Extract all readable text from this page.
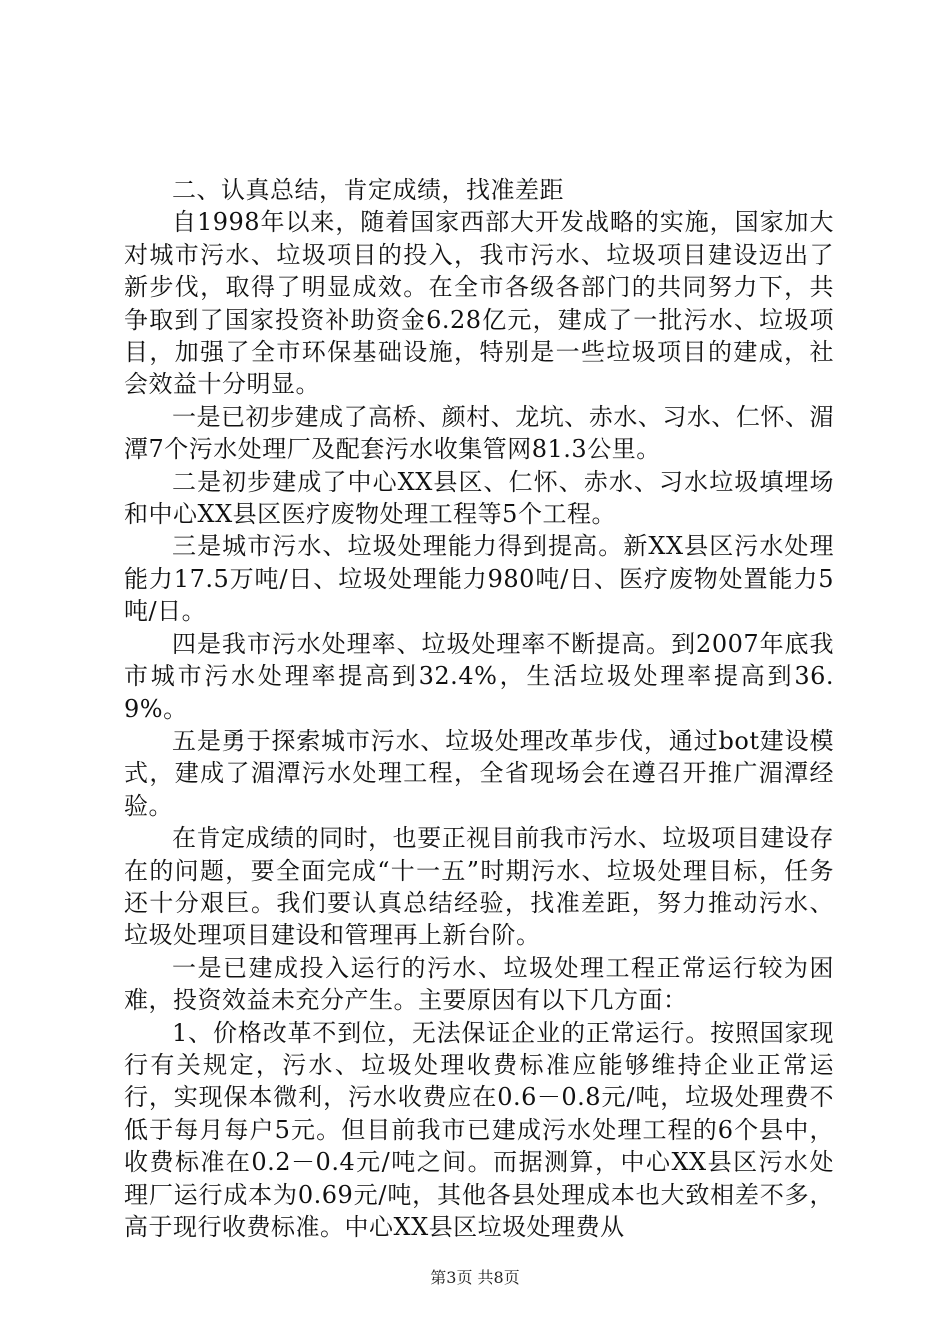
二、认真总结，肯定成绩，找准差距

自1998年以来，随着国家西部大开发战略的实施，国家加大对城市污水、垃圾项目的投入，我市污水、垃圾项目建设迈出了新步伐，取得了明显成效。在全市各级各部门的共同努力下，共争取到了国家投资补助资金6.28亿元，建成了一批污水、垃圾项目，加强了全市环保基础设施，特别是一些垃圾项目的建成，社会效益十分明显。

一是已初步建成了高桥、颜村、龙坑、赤水、习水、仁怀、湄潭7个污水处理厂及配套污水收集管网81.3公里。

二是初步建成了中心XX县区、仁怀、赤水、习水垃圾填埋场和中心XX县区医疗废物处理工程等5个工程。

三是城市污水、垃圾处理能力得到提高。新XX县区污水处理能力17.5万吨/日、垃圾处理能力980吨/日、医疗废物处置能力5吨/日。

四是我市污水处理率、垃圾处理率不断提高。到2007年底我市城市污水处理率提高到32.4%，生活垃圾处理率提高到36.9%。

五是勇于探索城市污水、垃圾处理改革步伐，通过bot建设模式，建成了湄潭污水处理工程，全省现场会在遵召开推广湄潭经验。

在肯定成绩的同时，也要正视目前我市污水、垃圾项目建设存在的问题，要全面完成“十一五”时期污水、垃圾处理目标，任务还十分艰巨。我们要认真总结经验，找准差距，努力推动污水、垃圾处理项目建设和管理再上新台阶。

一是已建成投入运行的污水、垃圾处理工程正常运行较为困难，投资效益未充分产生。主要原因有以下几方面：

1、价格改革不到位，无法保证企业的正常运行。按照国家现行有关规定，污水、垃圾处理收费标准应能够维持企业正常运行，实现保本微利，污水收费应在0.6－0.8元/吨，垃圾处理费不低于每月每户5元。但目前我市已建成污水处理工程的6个县中，收费标准在0.2－0.4元/吨之间。而据测算，中心XX县区污水处理厂运行成本为0.69元/吨，其他各县处理成本也大致相差不多，高于现行收费标准。中心XX县区垃圾处理费从

第3页 共8页
